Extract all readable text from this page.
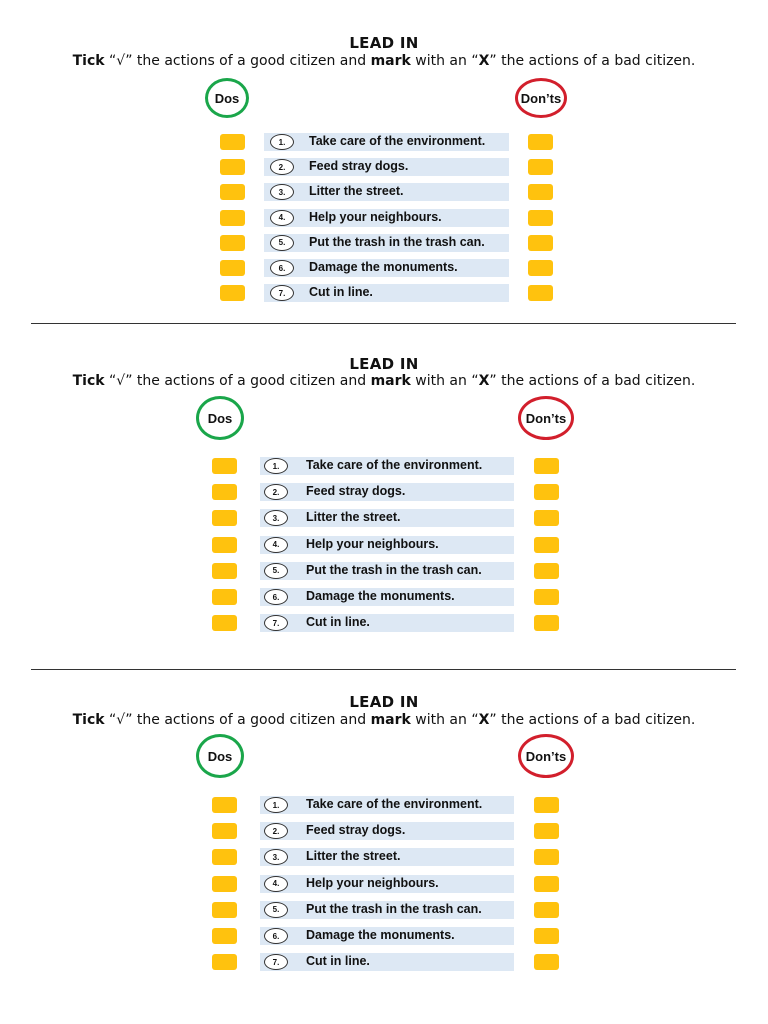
LEAD IN
Tick “√” the actions of a good citizen and mark with an “X” the actions of a bad citizen.
Dos	Don’ts
1.	Take care of the environment.
2.	Feed stray dogs.
3.	Litter the street.
4.	Help your neighbours.
5.	Put the trash in the trash can.
6.	Damage the monuments.
7.	Cut in line.
LEAD IN
Tick “√” the actions of a good citizen and mark with an “X” the actions of a bad citizen.
Dos	Don’ts
1.	Take care of the environment.
2.	Feed stray dogs.
3.	Litter the street.
4.	Help your neighbours.
5.	Put the trash in the trash can.
6.	Damage the monuments.
7.	Cut in line.
LEAD IN
Tick “√” the actions of a good citizen and mark with an “X” the actions of a bad citizen.
Dos	Don’ts
1.	Take care of the environment.
2.	Feed stray dogs.
3.	Litter the street.
4.	Help your neighbours.
5.	Put the trash in the trash can.
6.	Damage the monuments.
7.	Cut in line.
